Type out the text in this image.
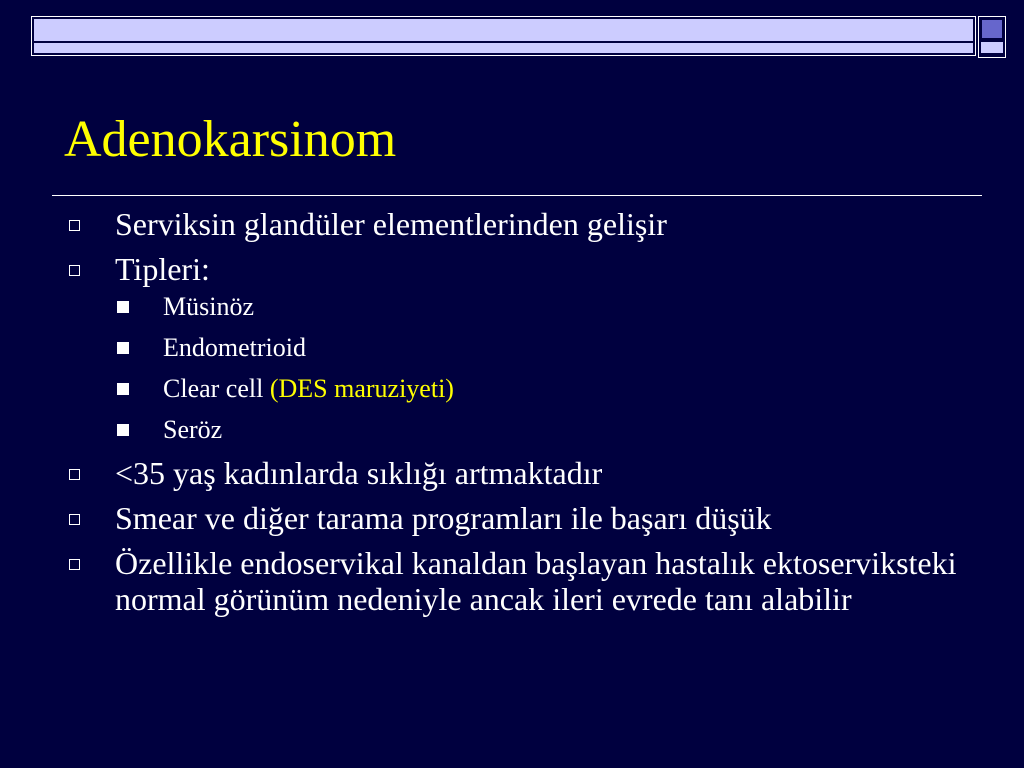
Adenokarsinom
Serviksin glandüler elementlerinden gelişir
Tipleri:
Müsinöz
Endometrioid
Clear cell (DES maruziyeti)
Seröz
<35 yaş kadınlarda sıklığı artmaktadır
Smear ve diğer tarama programları ile başarı düşük
Özellikle endoservikal kanaldan başlayan hastalık ektoserviksteki normal görünüm nedeniyle ancak ileri evrede tanı alabilir
